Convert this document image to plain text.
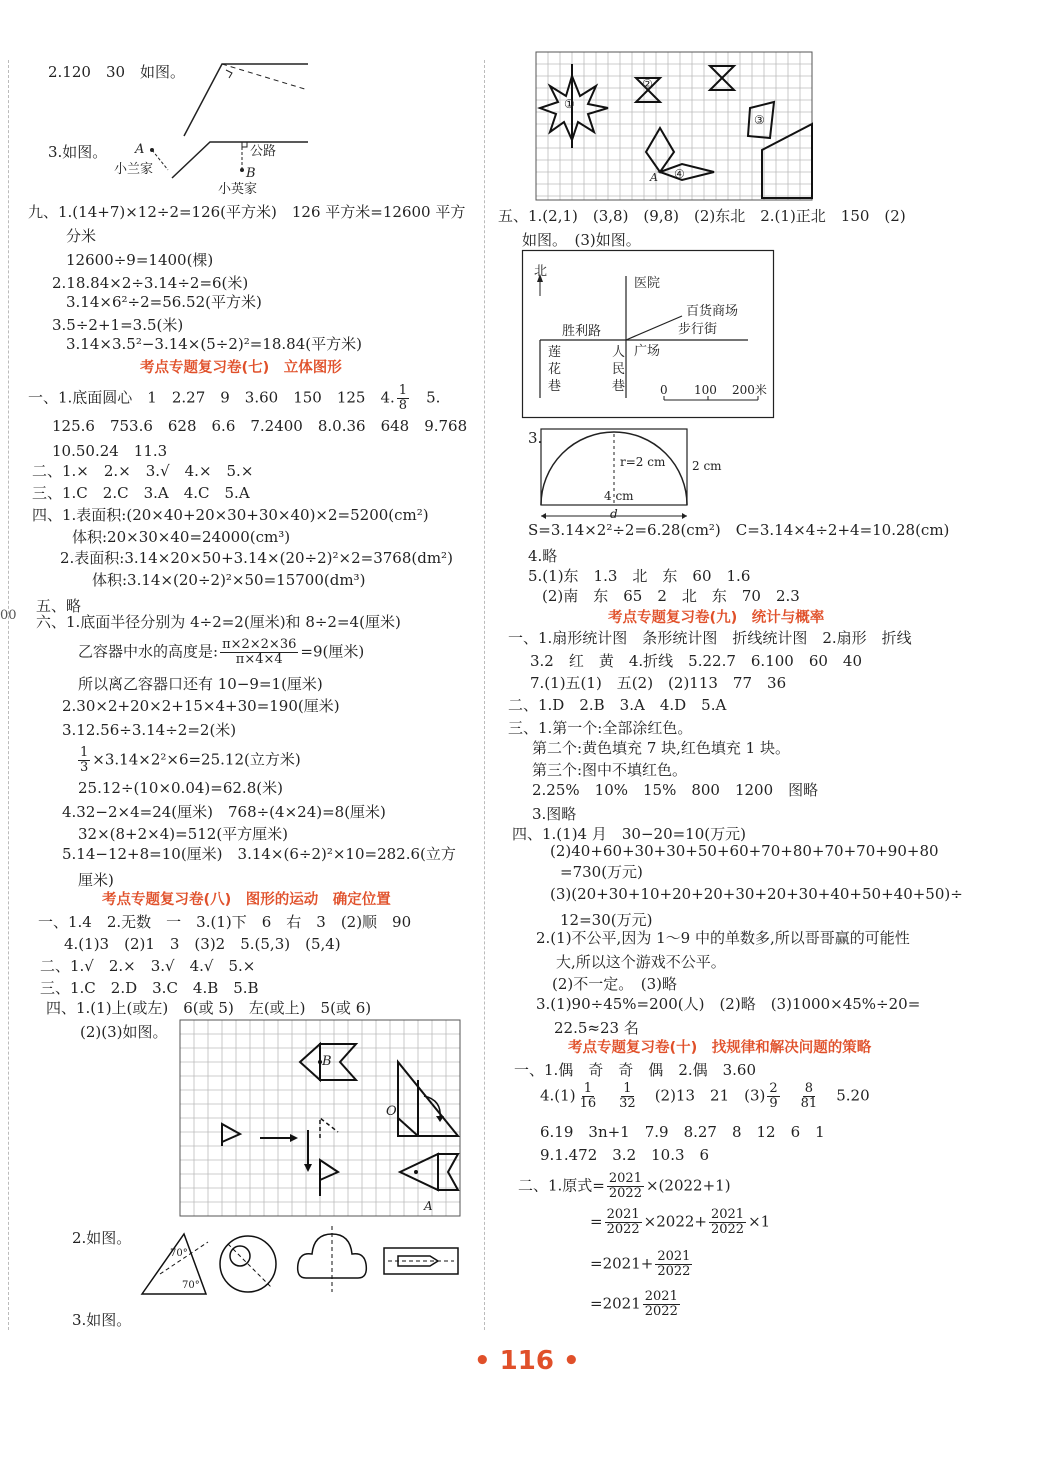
2.120　30　如图。
3.如图。 A
小兰家
公路
B
小英家
九、1.(14+7)×12÷2=126(平方米)　126 平方米=12600 平方
分米
12600÷9=1400(棵)
2.18.84×2÷3.14÷2=6(米)
3.14×6²÷2=56.52(平方米)
3.5÷2+1=3.5(米)
3.14×3.5²−3.14×(5÷2)²=18.84(平方米)
考点专题复习卷(七)　立体图形
一、1.底面圆心　1　2.27　9　3.60　150　125　4. $\frac{1}{8}$
　 5.
125.6　753.6　628　6.6　7.2400　8.0.36　648　9.768
10.50.24　11.3
二、1.×　2.×　3.√　4.×　5.×
三、1.C　2.C　3.A　4.C　5.A
四、1.表面积:(20×40+20×30+30×40)×2=5200(cm²)
体积:20×30×40=24000(cm³)
2.表面积:3.14×20×50+3.14×(20÷2)²×2=3768(dm²)
体积:3.14×(20÷2)²×50=15700(dm³)
五、略
六、1.底面半径分别为 4÷2=2(厘米)和 8÷2=4(厘米)
乙容器中水的高度是: $\frac{\pi\times 2\times 2\times 36}{\pi\times 4\times 4} =9$(厘米)
所以离乙容器口还有 10−9=1(厘米)
2.30×2+20×2+15×4+30=190(厘米)
3.12.56÷3.14÷2=2(米)
$\frac{1}{3} \times 3.14\times 2^2\times 6=25.12$(立方米)
25.12÷(10×0.04)=62.8(米)
4.32−2×4=24(厘米)　768÷(4×24)=8(厘米)
32×(8+2×4)=512(平方厘米)
5.14−12+8=10(厘米)　3.14×(6÷2)²×10=282.6(立方
厘米)
考点专题复习卷(八)　图形的运动　确定位置
一、1.4　2.无数　一　3.(1)下　6　右　3　(2)顺　90
4.(1)3　(2)1　3　(3)2　5.(5,3)　(5,4)
二、1.√　2.×　3.√　4.√　5.×
三、1.C　2.D　3.C　4.B　5.B
四、1.(1)上(或左)　6(或 5)　左(或上)　5(或 6)
(2)(3)如图。
B
O
A
2.如图。
70°
70°
3.如图。
00
①
②
③
④
A
五、1.(2,1)　(3,8)　(9,8)　(2)东北　2.(1)正北　150　(2)
如图。　(3)如图。
北
医院
百货商场
步行街
胜利路
广场
莲
花
巷
人
民
巷	0 100 200米
3.
r=2 cm 2 cm
4 cm
d
S=3.14×2²÷2=6.28(cm²)　C=3.14×4÷2+4=10.28(cm)
4.略
5.(1)东　1.3　北　东　60　1.6
(2)南　东　65　2　北　东　70　2.3
考点专题复习卷(九)　统计与概率
一、1.扇形统计图　条形统计图　折线统计图　2.扇形　折线
3.2　红　黄　4.折线　5.22.7　6.100　60　40
7.(1)五(1)　五(2)　(2)113　77　36
二、1.D　2.B　3.A　4.D　5.A
三、1.第一个:全部涂红色。
第二个:黄色填充 7 块,红色填充 1 块。
第三个:图中不填红色。
2.25%　10%　15%　800　1200　图略
3.图略
四、1.(1)4 月　30−20=10(万元)
(2)40+60+30+30+50+60+70+80+70+70+90+80
=730(万元)
(3)(20+30+10+20+20+30+20+30+40+50+40+50)÷
12=30(万元)
2.(1)不公平,因为 1～9 中的单数多,所以哥哥赢的可能性
大,所以这个游戏不公平。
(2)不一定。　(3)略
3.(1)90÷45%=200(人)　(2)略　(3)1000×45%÷20=
22.5≈23 名
考点专题复习卷(十)　找规律和解决问题的策略
一、1.偶　奇　奇　偶　2.偶　3.60
$4.(1) \frac{1}{16}$
　 $\frac{1}{32}$
　 (2)13　21　$(3) \frac{2}{9}$
　 $\frac{8}{81}$
　 5.20
6.19　3n+1　7.9　8.27　8　12　6　1
9.1.472　3.2　10.3　6
二、1.原式= $\frac{2021}{2022} \times(2022+1)$
= $\frac{2021}{2022} \times 2022+ \frac{2021}{2022} \times 1$
$=2021+ \frac{2021}{2022}$
$=2021 \frac{2021}{2022}$
• 116 •
